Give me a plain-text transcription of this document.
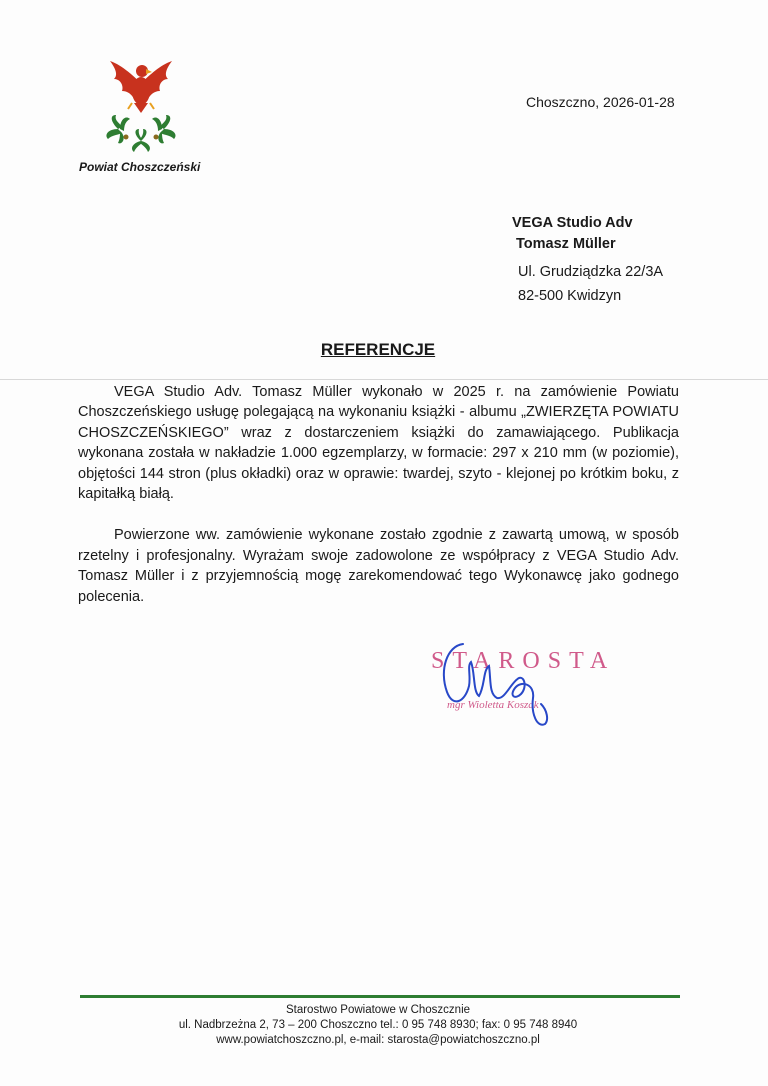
Powiat Choszczeński
Choszczno, 2026-01-28
VEGA Studio Adv
Tomasz Müller
Ul. Grudziądzka 22/3A
82-500 Kwidzyn
REFERENCJE

VEGA Studio Adv. Tomasz Müller wykonało w 2025 r. na zamówienie Powiatu Choszczeńskiego usługę polegającą na wykonaniu książki - albumu „ZWIERZĘTA POWIATU CHOSZCZEŃSKIEGO” wraz z dostarczeniem książki do zamawiającego. Publikacja wykonana została w nakładzie 1.000 egzemplarzy, w formacie: 297 x 210 mm (w poziomie), objętości 144 stron (plus okładki) oraz w oprawie: twardej, szyto - klejonej po krótkim boku, z kapitałką białą.

Powierzone ww. zamówienie wykonane zostało zgodnie z zawartą umową, w sposób rzetelny i profesjonalny. Wyrażam swoje zadowolone ze współpracy z VEGA Studio Adv. Tomasz Müller i z przyjemnością mogę zarekomendować tego Wykonawcę jako godnego polecenia.

STAROSTA
mgr Wioletta Koszak
Starostwo Powiatowe w Choszcznie
ul. Nadbrzeżna 2, 73 – 200 Choszczno tel.: 0 95 748 8930; fax: 0 95 748 8940
www.powiatchoszczno.pl, e-mail: starosta@powiatchoszczno.pl
